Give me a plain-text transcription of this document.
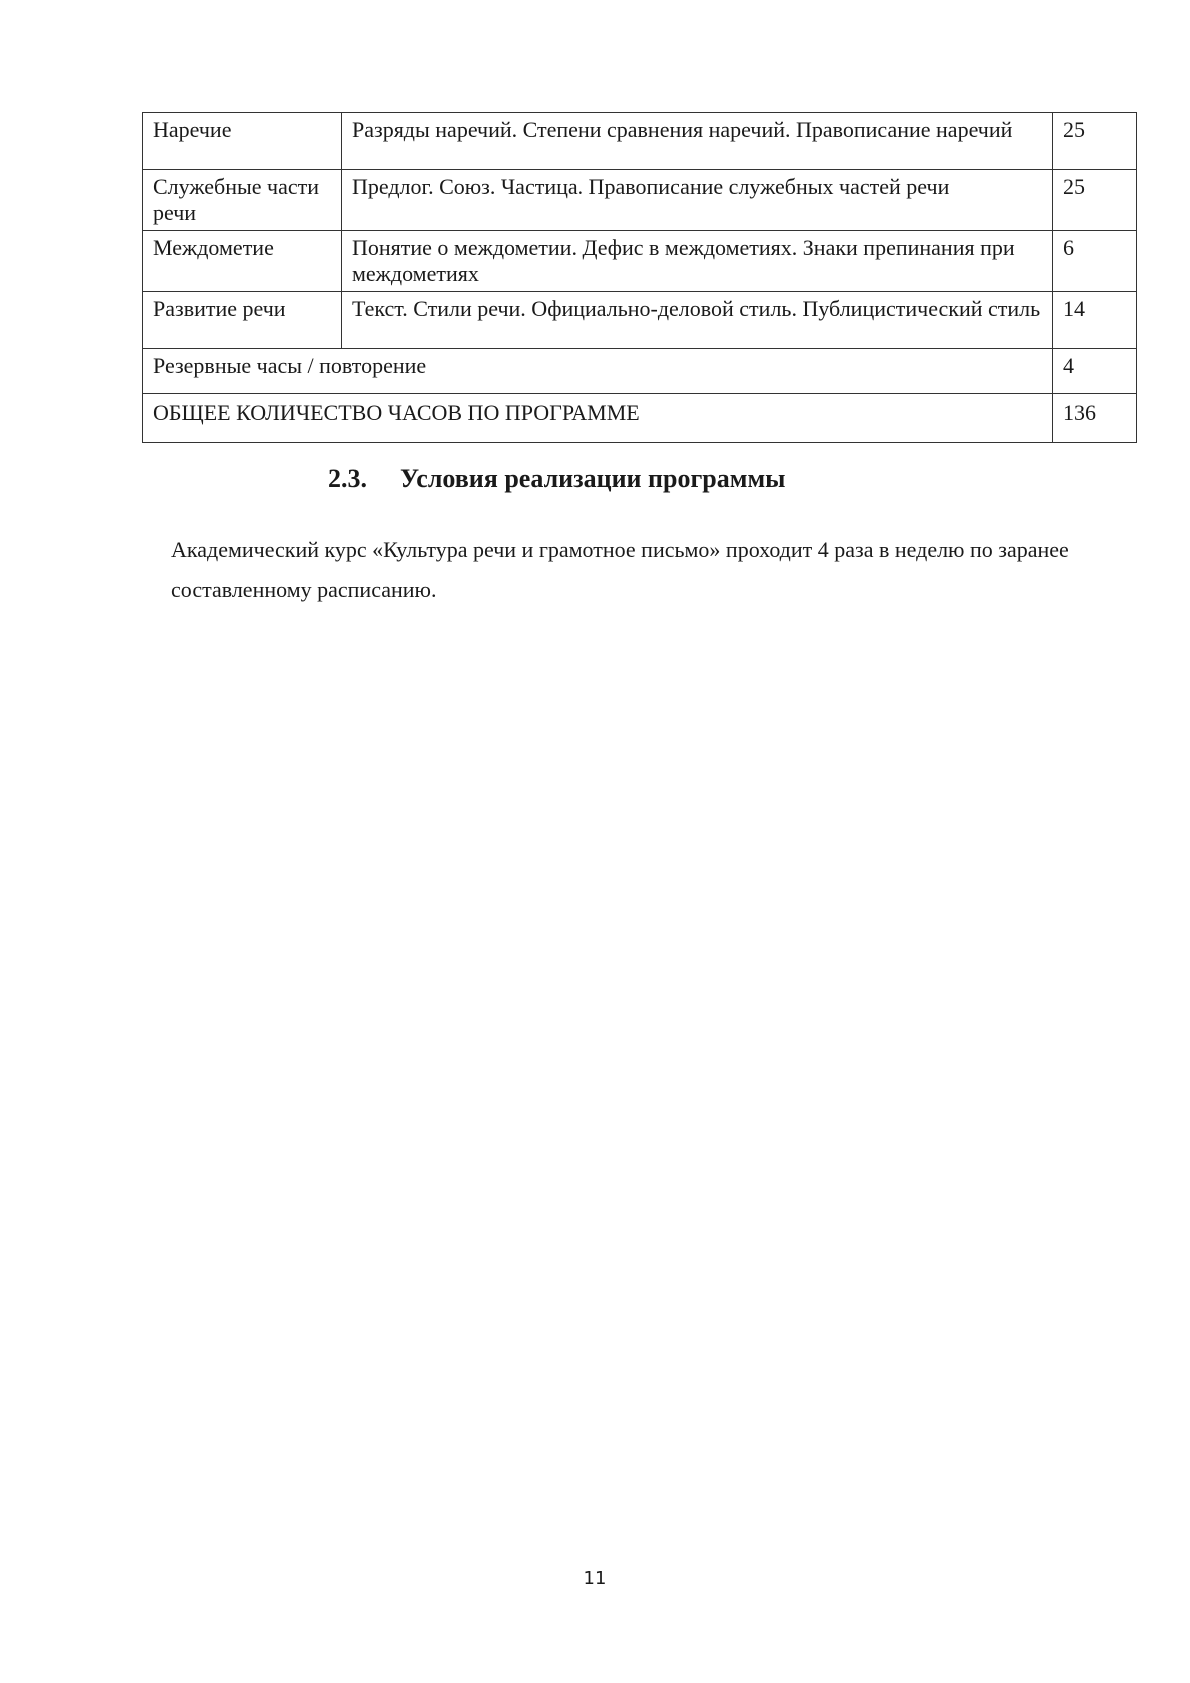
Наречие	Разряды наречий. Степени сравнения наречий. Правописание наречий	25
Служебные части речи	Предлог. Союз. Частица. Правописание служебных частей речи	25
Междометие	Понятие о междометии. Дефис в междометиях. Знаки препинания при междометиях	6
Развитие речи	Текст. Стили речи. Официально-деловой стиль. Публицистический стиль	14
Резервные часы / повторение		4
ОБЩЕЕ КОЛИЧЕСТВО ЧАСОВ ПО ПРОГРАММЕ		136
2.3. Условия реализации программы

Академический курс «Культура речи и грамотное письмо» проходит 4 раза в неделю по заранее составленному расписанию.

11
